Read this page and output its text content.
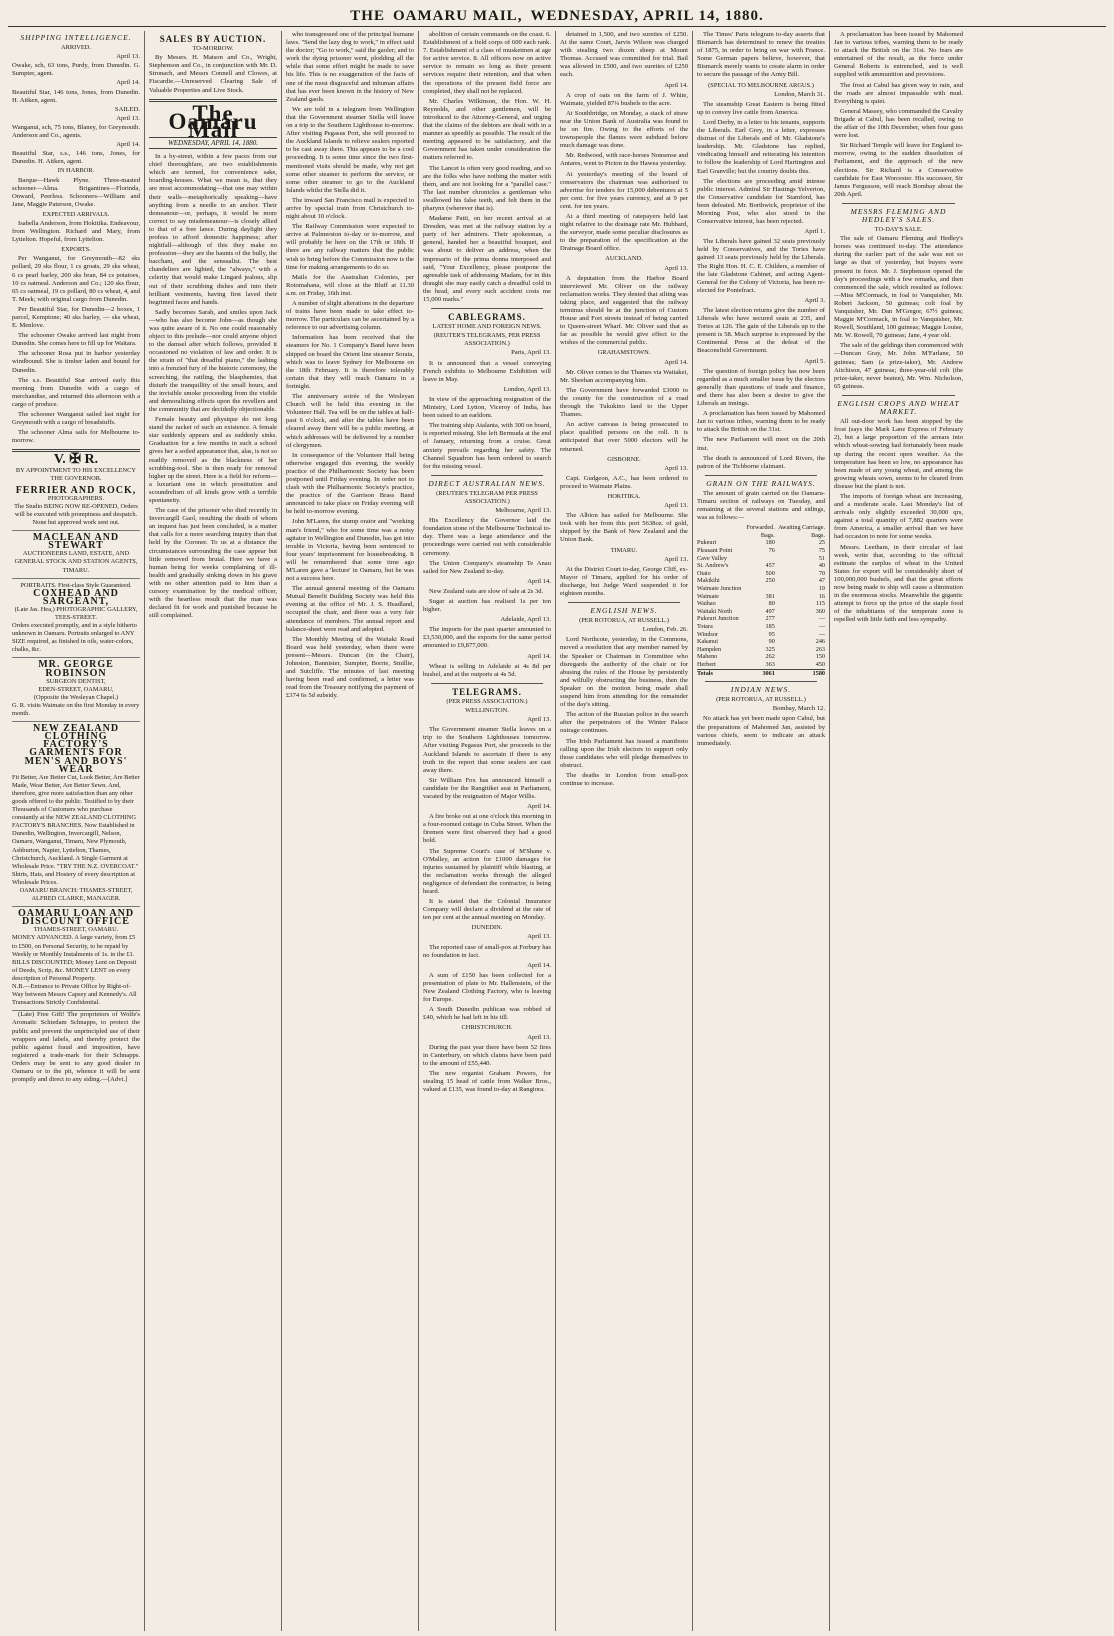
THE OAMARU MAIL, WEDNESDAY, APRIL 14, 1880.
SHIPPING INTELLIGENCE.
ARRIVED.
April 13.
Owake, sch, 63 tons, Purdy, from Dunedin. G. Sumpter, agent.
April 14.
Beautiful Star, 146 tons, Jones, from Dunedin. H. Aitken, agent.
SAILED.
April 13.
Wanganui, sch, 75 tons, Blaney, for Greymouth. Anderson and Co., agents.
April 14.
Beautiful Star, s.s., 146 tons, Jones, for Dunedin. H. Aitken, agent.
IN HARBOR.

Barque—Hawk Plyne. Three-masted schooner—Alma. Brigantines—Florinda, Onward, Peerless. Schooners—William and Jane, Maggie Paterson, Owake.

EXPECTED ARRIVALS.

Isabella Anderson, from Hokitika. Endeavour, from Wellington. Richard and Mary, from Lyttelton. Hopeful, from Lyttelton.

EXPORTS.

Per Wanganui, for Greymouth—82 sks pollard, 29 sks flour, 1 cs groats, 29 sks wheat, 6 cs pearl barley, 200 sks bran, 84 cs potatoes, 10 cs oatmeal. Anderson and Co.; 120 sks flour, 65 cs oatmeal, 19 cs pollard, 80 cs wheat, 4, and T. Meek; with original cargo from Dunedin.

Per Beautiful Star, for Dunedin—2 boxes, 1 parcel, Kemptone; 40 sks barley, — sks wheat, E. Menlove.

The schooner Owake arrived last night from Dunedin. She comes here to fill up for Waitara.

The schooner Rosa put in harbor yesterday windbound. She is timber laden and bound for Dunedin.

The s.s. Beautiful Star arrived early this morning from Dunedin with a cargo of merchandise, and returned this afternoon with a cargo of produce.

The schooner Wanganui sailed last night for Greymouth with a cargo of breadstuffs.

The schooner Alma sails for Melbourne to-morrow.

V. ✠ R.
BY APPOINTMENT TO HIS EXCELLENCY THE GOVERNOR.
FERRIER AND ROCK,
PHOTOGRAPHERS.
The Studio BEING NOW RE-OPENED, Orders will be executed with promptness and despatch. None but approved work sent out.
MACLEAN AND STEWART
AUCTIONEERS LAND, ESTATE, AND GENERAL STOCK AND STATION AGENTS,
TIMARU.
PORTRAITS. First-class Style Guaranteed.
COXHEAD AND SARGEANT,
(Late Jas. Hea,) PHOTOGRAPHIC GALLERY, TEES-STREET.
Orders executed promptly, and in a style hitherto unknown in Oamaru. Portraits enlarged to ANY SIZE required, as finished in oils, water-colors, chalks, &c.
MR. GEORGE ROBINSON
SURGEON DENTIST,
EDEN-STREET, OAMARU,
(Opposite the Wesleyan Chapel.)
G. R. visits Waimate on the first Monday in every month.
NEW ZEALAND CLOTHING FACTORY'S GARMENTS FOR MEN'S AND BOYS' WEAR
Fit Better, Are Better Cut, Look Better, Are Better Made, Wear Better, Are Better Sewn. And, therefore, give more satisfaction than any other goods offered to the public. Testified to by their Thousands of Customers who purchase constantly at the NEW ZEALAND CLOTHING FACTORY'S BRANCHES. Now Established in Dunedin, Wellington, Invercargill, Nelson, Oamaru, Wanganui, Timaru, New Plymouth, Ashburton, Napier, Lyttelton, Thames, Christchurch, Auckland. A Single Garment at Wholesale Price. "TRY THE N.Z. OVERCOAT." Shirts, Hats, and Hosiery of every description at Wholesale Prices.
OAMARU BRANCH: THAMES-STREET, ALFRED CLARKE, MANAGER.
OAMARU LOAN AND DISCOUNT OFFICE
THAMES-STREET, OAMARU.
MONEY ADVANCED. A large variety, from £5 to £500, on Personal Security, to be repaid by Weekly or Monthly Instalments of 1s. in the £1. BILLS DISCOUNTED; Money Lent on Deposit of Deeds, Scrip, &c. MONEY LENT on every description of Personal Property.
N.B.—Entrance to Private Office by Right-of-Way between Messrs Capsey and Kennedy's. All Transactions Strictly Confidential.

(Late) Free Gift! The proprietors of Wolfe's Aromatic Schiedam Schnapps, to protect the public and prevent the unprincipled use of their wrappers and labels, and thereby protect the public against fraud and imposition, have registered a trade-mark for their Schnapps. Orders may be sent to any good dealer in Oamaru or to the pit, whence it will be sent promptly and direct to any siding.—[Advt.]

SALES BY AUCTION.
TO-MORROW.

By Messrs. H. Matson and Co., Wright, Stephenson and Co., in conjunction with Mr. D. Stronach, and Messrs Connell and Clowes, at Fiscardie.—Unreserved Clearing Sale of Valuable Properties and Live Stock.

The Oamaru Mail
WEDNESDAY, APRIL 14, 1880.

In a by-street, within a few paces from our chief thoroughfare, are two establishments which are termed, for convenience sake, boarding-houses. What we mean is, that they are most accommodating—that one may within their walls—metaphorically speaking—have anything from a needle to an anchor. Their demeanour—or, perhaps, it would be more correct to say misdemeanour—is closely allied to that of a free lance. During daylight they profess to afford domestic happiness; after nightfall—although of this they make no profession—they are the haunts of the bully, the bacchant, and the sensualist. The best chandeliers are lighted, the "always," with a celerity that would make Lingard jealous, slip out of their scrubbing dishes and into their brilliant vestments, having first laved their begrimed faces and hands.

Sadly becomes Sarah, and smiles upon Jack—who has also become John—as though she was quite aware of it. No one could reasonably object to this prelude—nor could anyone object to the damsel after which follows, provided it occasioned no violation of law and order. It is the strain of "that dreadful piano," the lashing into a frenzied fury of the historic ceremony, the screeching, the rattling, the blasphemies, that disturb the tranquillity of the small hours, and the invisible smoke proceeding from the visible and demoralising effects upon the revellers and the community that are decidedly objectionable.

Female beauty and physique do not long stand the racket of such an existence. A female star suddenly appears and as suddenly sinks. Graduation for a few months in such a school gives her a soiled appearance that, alas, is not so readily removed as the blackness of her scrubbing-tool. She is then ready for removal higher up the street. Here is a field for reform—a luxuriant one in which prostitution and scoundrelism of all kinds grow with a terrible spontaneity.

The case of the prisoner who died recently in Invercargill Gaol, resulting the death of whom an inquest has just been concluded, is a matter that calls for a more searching inquiry than that held by the Coroner. To us at a distance the circumstances surrounding the case appear but little removed from brutal. Here we have a human being for weeks complaining of ill-health and gradually sinking down in his grave with no other attention paid to him than a cursory examination by the medical officer, with the heartless result that the man was declared fit for work and punished because he still complained.

who transgressed one of the principal humane laws. "Send the lazy dog to work," in effect said the doctor; "Go to work," said the gaoler; and to work the dying prisoner went, plodding all the while that some effort might be made to save his life. This is no exaggeration of the facts of one of the most disgraceful and inhuman affairs that has ever been known in the history of New Zealand gaols.

We are told in a telegram from Wellington that the Government steamer Stella will leave on a trip to the Southern Lighthouse to-morrow. After visiting Pegasus Port, she will proceed to the Auckland Islands to relieve sealers reported to be cast away there. This appears to be a cool proceeding. It is some time since the two first-mentioned visits should be made, why not get some other steamer to perform the service, or some other steamer to go to the Auckland Islands whilst the Stella did it.

The inward San Francisco mail is expected to arrive by special train from Christchurch to-night about 10 o'clock.

The Railway Commission were expected to arrive at Palmerston to-day or to-morrow, and will probably be here on the 17th or 18th. If there are any railway matters that the public wish to bring before the Commission now is the time for making arrangements to do so.

Mails for the Australian Colonies, per Rotomahana, will close at the Bluff at 11.30 a.m. on Friday, 16th inst.

A number of slight alterations in the departure of trains have been made to take effect to-morrow. The particulars can be ascertained by a reference to our advertising column.

Information has been received that the steamers for No. 1 Company's Band have been shipped on board the Orient line steamer Sorata, which was to leave Sydney for Melbourne on the 18th February. It is therefore tolerably certain that they will reach Oamaru in a fortnight.

The anniversary soirée of the Wesleyan Church will be held this evening in the Volunteer Hall. Tea will be on the tables at half-past 6 o'clock, and after the tables have been cleared away there will be a public meeting, at which addresses will be delivered by a number of clergymen.

In consequence of the Volunteer Hall being otherwise engaged this evening, the weekly practice of the Philharmonic Society has been postponed until Friday evening. In order not to clash with the Philharmonic Society's practice, the practice of the Garrison Brass Band announced to take place on Friday evening will be held to-morrow evening.

John M'Laren, the stump orator and "working man's friend," who for some time was a noisy agitator in Wellington and Dunedin, has got into trouble in Victoria, having been sentenced to four years' imprisonment for housebreaking. It will be remembered that some time ago M'Laren gave a 'lecture' in Oamaru, but he was not a success here.

The annual general meeting of the Oamaru Mutual Benefit Building Society was held this evening at the office of Mr. J. S. Headland, occupied the chair, and there was a very fair attendance of members. The annual report and balance-sheet were read and adopted.

The Monthly Meeting of the Waitaki Road Board was held yesterday, when there were present—Messrs. Duncan (in the Chair), Johnston, Bannister, Sumpter, Borrie, Smillie, and Sutcliffe. The minutes of last meeting having been read and confirmed, a letter was read from the Treasury notifying the payment of £374 6s 5d subsidy.

abolition of certain commands on the coast. 6. Establishment of a field corps of 600 each rank. 7. Establishment of a class of musketmen at age for active service. 8. All officers now on active service to remain so long as their present services require their retention, and that when the operations of the present field force are completed, they shall not be replaced.

Mr. Charles Wilkinson, the Hon. W. H. Reynolds, and other gentlemen, will be introduced to the Attorney-General, and urging that the claims of the debtors are dealt with in a manner as speedily as possible. The result of the meeting appeared to be satisfactory, and the Government has taken under consideration the matters referred to.

The Lancet is often very good reading, and so are the folks who have nothing the matter with them, and are not looking for a "parallel case." The last number chronicles a gentleman who swallowed his false teeth, and felt them in the pharynx (wherever that is).

Madame Patti, on her recent arrival at at Dresden, was met at the railway station by a party of her admirers. Their spokesman, a general, handed her a beautiful bouquet, and was about to deliver an address, when the impresario of the prima donna interposed and said, "Your Excellency, please postpone the agreeable task of addressing Madam, for in this draught she may easily catch a dreadful cold in the head, and every such accident costs me 15,000 marks."

CABLEGRAMS.
LATEST HOME AND FOREIGN NEWS.
(REUTER'S TELEGRAMS, PER PRESS ASSOCIATION.)

Paris, April 13.

It is announced that a vessel conveying French exhibits to Melbourne Exhibition will leave in May.

London, April 13.

In view of the approaching resignation of the Ministry, Lord Lytton, Viceroy of India, has been raised to an earldom.

The training ship Atalanta, with 300 on board, is reported missing. She left Bermuda at the end of January, returning from a cruise. Great anxiety prevails regarding her safety. The Channel Squadron has been ordered to search for the missing vessel.

DIRECT AUSTRALIAN NEWS.
(REUTER'S TELEGRAM PER PRESS ASSOCIATION.)

Melbourne, April 13.

His Excellency the Governor laid the foundation stone of the Melbourne Technical to-day. There was a large attendance and the proceedings were carried out with considerable ceremony.

The Union Company's steamship Te Anau sailed for New Zealand to-day.

April 14.

New Zealand oats are slow of sale at 2s 3d.

Sugar at auction has realised 1s per ton higher.

Adelaide, April 13.

The imports for the past quarter amounted to £3,530,000, and the exports for the same period amounted to £9,877,000.

April 14.

Wheat is selling in Adelaide at 4s 8d per bushel, and at the outports at 4s 5d.

TELEGRAMS.
(PER PRESS ASSOCIATION.)
WELLINGTON.

April 13.

The Government steamer Stella leaves on a trip to the Southern Lighthouses tomorrow. After visiting Pegasus Port, she proceeds to the Auckland Islands to ascertain if there is any truth in the report that some sealers are cast away there.

Sir William Fox has announced himself a candidate for the Rangitikei seat in Parliament, vacated by the resignation of Major Willis.

April 14.

A fire broke out at one o'clock this morning in a four-roomed cottage in Cuba Street. When the firemen were first observed they had a good hold.

The Supreme Court's case of M'Shane v. O'Malley, an action for £1000 damages for injuries sustained by plaintiff while blasting, at the reclamation works through the alleged negligence of defendant the contractor, is being heard.

It is stated that the Colonial Insurance Company will declare a dividend at the rate of ten per cent at the annual meeting on Monday.

DUNEDIN.

April 13.

The reported case of small-pox at Forbury has no foundation in fact.

April 14.

A sum of £150 has been collected for a presentation of plate to Mr. Hallenstein, of the New Zealand Clothing Factory, who is leaving for Europe.

A South Dunedin publican was robbed of £40, which he had left in his till.

CHRISTCHURCH.

April 13.

During the past year there have been 52 fires in Canterbury, on which claims have been paid to the amount of £55,440.

The new organist Graham Powers, for stealing 15 head of cattle from Walker Bros., valued at £135, was found to-day at Rangiora.

detained in 1,500, and two sureties of £250. At the same Court, Jarvis Wilson was charged with stealing two dozen sheep at Mount Thomas. Accused was committed for trial. Bail was allowed in £500, and two sureties of £250 each.

April 14.

A crop of oats on the farm of J. White, Waimate, yielded 87¼ bushels to the acre.

At Southbridge, on Monday, a stack of straw near the Union Bank of Australia was found to be on fire. Owing to the efforts of the townspeople the flames were subdued before much damage was done.

Mr. Redwood, with race-horses Nonsense and Antares, went to Picton in the Hawea yesterday.

At yesterday's meeting of the board of conservators the chairman was authorised to advertise for tenders for 15,000 debentures at 5 per cent. for five years currency, and at 9 per cent. for ten years.

At a third meeting of ratepayers held last night relative to the drainage rate Mr. Hubbard, the surveyor, made some peculiar disclosures as to the preparation of the specification at the Drainage Board office.

AUCKLAND.

April 13.

A deputation from the Harbor Board interviewed Mr. Oliver on the railway reclamation works. They denied that silting was taking place, and suggested that the railway terminus should be at the junction of Custom House and Fort streets instead of being carried to Queen-street Wharf. Mr. Oliver said that as far as possible he would give effect to the wishes of the commercial public.

GRAHAMSTOWN.

April 14.

Mr. Oliver comes to the Thames via Waitakei, Mr. Sheehan accompanying him.

The Government have forwarded £3000 to the county for the construction of a road through the Tukukino land to the Upper Thames.

An active canvass is being prosecuted to place qualified persons on the roll. It is anticipated that over 5000 electors will be returned.

GISBORNE.

April 13.

Capt. Gudgeon, A.C., has been ordered to proceed to Waimate Plains.

HOKITIKA.

April 13.

The Albion has sailed for Melbourne. She took with her from this port 5638oz. of gold, shipped by the Bank of New Zealand and the Union Bank.

TIMARU.

April 13.

At the District Court to-day, George Cliff, ex-Mayor of Timaru, applied for his order of discharge, but Judge Ward suspended it for eighteen months.

ENGLISH NEWS.
(PER ROTORUA, AT RUSSELL.)

London, Feb. 26.

Lord Northcote, yesterday, in the Commons, moved a resolution that any member named by the Speaker or Chairman in Committee who disregards the authority of the chair or for abusing the rules of the House by persistently and wilfully obstructing the business, then the Speaker on the motion being made shall suspend him from attending for the remainder of the day's sitting.

The action of the Russian police in the search after the perpetrators of the Winter Palace outrage continues.

The Irish Parliament has issued a manifesto calling upon the Irish electors to support only those candidates who will pledge themselves to obstruct.

The deaths in London from small-pox continue to increase.

The Times' Paris telegram to-day asserts that Bismarck has determined to renew the treaties of 1875, in order to bring on war with France. Some German papers believe, however, that Bismarck merely wants to create alarm in order to secure the passage of the Army Bill.

(SPECIAL TO MELBOURNE ARGUS.)

London, March 31.

The steamship Great Eastern is being fitted up to convey live cattle from America.

Lord Derby, in a letter to his tenants, supports the Liberals. Earl Grey, in a letter, expresses distrust of the Liberals and of Mr. Gladstone's leadership. Mr. Gladstone has replied, vindicating himself and reiterating his intention to follow the leadership of Lord Hartington and Earl Granville; but the country doubts this.

The elections are proceeding amid intense public interest. Admiral Sir Hastings Yelverton, the Conservative candidate for Stamford, has been defeated. Mr. Borthwick, proprietor of the Morning Post, who also stood in the Conservative interest, has been rejected.

April 1.

The Liberals have gained 32 seats previously held by Conservatives, and the Tories have gained 13 seats previously held by the Liberals. The Right Hon. H. C. E. Childers, a member of the late Gladstone Cabinet, and acting Agent-General for the Colony of Victoria, has been re-elected for Pontefract.

April 3.

The latest election returns give the number of Liberals who have secured seats at 235, and Tories at 126. The gain of the Liberals up to the present is 58. Much surprise is expressed by the Continental Press at the defeat of the Beaconsfield Government.

April 5.

The question of foreign policy has now been regarded as a much smaller issue by the electors generally than questions of trade and finance, and there has also been a desire to give the Liberals an innings.

A proclamation has been issued by Mahomed Jan to various tribes, warning them to be ready to attack the British on the 31st.

The new Parliament will meet on the 20th inst.

The death is announced of Lord Rivers, the patron of the Tichborne claimant.

GRAIN ON THE RAILWAYS.

The amount of grain carried on the Oamaru-Timaru section of railways on Tuesday, and remaining at the several stations and sidings, was as follows:—

	Forwarded.	Awaiting Carriage.
	Bags.	Bags.
Pukeuri	180	25
Pleasant Point	76	75
Cave Valley		51
St. Andrew's	457	40
Otaio	500	70
Makikihi	250	47
Waimate Junction		19
Waimate	381	16
Waihao	80	115
Waitaki North	497	360
Pukeuri Junction	277	—
Totara	185	—
Windsor	95	—
Kakanui	90	246
Hampden	325	263
Maheno	262	150
Herbert	363	450
Totals	3061	1580
INDIAN NEWS.
(PER ROTORUA, AT RUSSELL.)

Bombay, March 12.

No attack has yet been made upon Cabul, but the preparations of Mahomed Jan, assisted by various chiefs, seem to indicate an attack immediately.

A proclamation has been issued by Mahomed Jan to various tribes, warning them to be ready to attack the British on the 31st. No fears are entertained of the result, as the force under General Roberts is entrenched, and is well supplied with ammunition and provisions.

The frost at Cabul has given way to rain, and the roads are almost impassable with mud. Everything is quiet.

General Massey, who commanded the Cavalry Brigade at Cabul, has been recalled, owing to the affair of the 10th December, when four guns were lost.

Sir Richard Temple will leave for England to-morrow, owing to the sudden dissolution of Parliament, and the approach of the new elections. Sir Richard is a Conservative candidate for East Worcester. His successor, Sir James Fergusson, will reach Bombay about the 20th April.

MESSRS FLEMING AND HEDLEY'S SALES.
TO-DAY'S SALE.

The sale of Oamaru Fleming and Hedley's horses was continued to-day. The attendance during the earlier part of the sale was not so large as that of yesterday, but buyers were present in force. Mr. J. Stephenson opened the day's proceedings with a few remarks, and then commenced the sale, which resulted as follows:—Miss M'Cormack, in foal to Vanquisher, Mr. Robert Jackson, 50 guineas; colt foal by Vanquisher, Mr. Dan M'Gregor, 67½ guineas; Maggie M'Cormack, in foal to Vanquisher, Mr. Rowell, Southland, 100 guineas; Maggie Louise, Mr. W. Rowell, 70 guineas; Jane, 4 year old.

The sale of the geldings then commenced with—Duncan Gray, Mr. John M'Farlane, 50 guineas; Sam (a prize-taker), Mr. Andrew Aitchison, 47 guineas; three-year-old colt (the prize-taker, never beaten), Mr. Wm. Nicholson, 65 guineas.

ENGLISH CROPS AND WHEAT MARKET.

All out-door work has been stopped by the frost (says the Mark Lane Express of February 2), but a large proportion of the arrears into which wheat-sowing had fortunately been made up during the recent open weather. As the temperature has been so low, no appearance has been made of any young wheat, and among the growing wheats sown, seems to be cleared from disease but the plant is not.

The imports of foreign wheat are increasing, and a moderate scale. Last Monday's list of arrivals only slightly exceeded 30,000 qrs, against a total quantity of 7,882 quarters were from America, a smaller arrival than we have had occasion to note for some weeks.

Messrs. Leetham, in their circular of last week, write that, according to the official estimate the surplus of wheat in the United States for export will be considerably short of 100,000,000 bushels, and that the great efforts now being made to ship will cause a diminution in the enormous stocks. Meanwhile the gigantic attempt to force up the price of the staple food of the inhabitants of the temperate zone is repelled with little faith and less sympathy.
